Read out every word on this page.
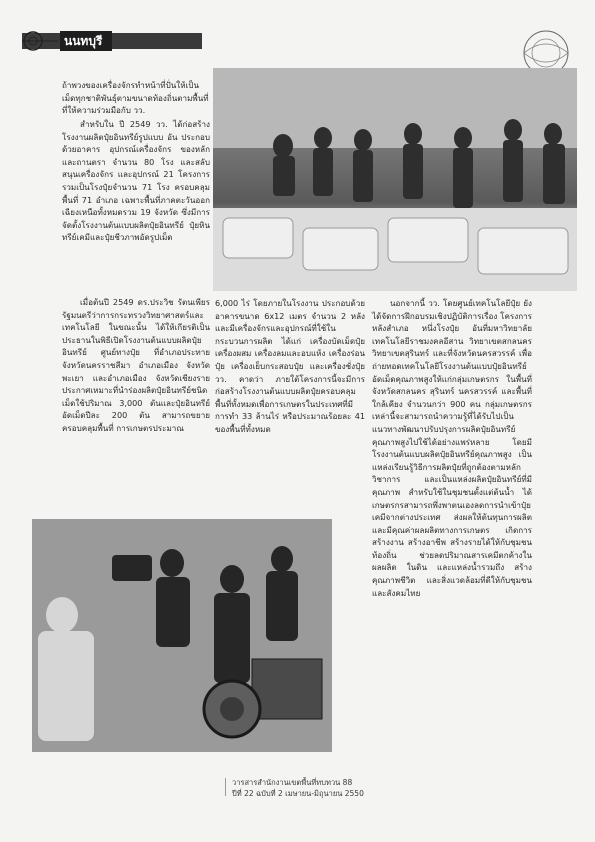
นนทบุรี
ถ้าพวงของเครื่องจักรทำหน้าที่ปั่นให้เป็นเม็ดทุกชาติพันธุ์ตามขนาดท้องถิ่นตามพื้นที่ที่ให้ความร่วมมือกับ วว.
สำหรับใน ปี 2549 วว. ได้ก่อสร้างโรงงานผลิตปุ๋ยอินทรีย์รูปแบบ อัน ประกอบด้วยอาคาร อุปกรณ์เครื่องจักร ของหลัก และถานตรา จำนวน 80 โรง และสลับ สนุนเครื่องจักร และอุปกรณ์ 21 โครงการ รวมเป็นโรงปุ๋ยจำนวน 71 โรง ครอบคลุมพื้นที่ 71 อำเภอ เฉพาะพื้นที่ภาคตะวันออกเฉียงเหนือทั้งหมดรวม 19 จังหวัด ซึ่งมีการจัดตั้งโรงงานต้นแบบผลิตปุ๋ยอินทรีย์ ปุ๋ยหินทรีย์เคมีและปุ๋ยชีวภาพอัดรูปเม็ด
เมื่อต้นปี 2549 ดร.ประวิช รัตนเพียร รัฐมนตรีว่าการกระทรวงวิทยาศาสตร์และเทคโนโลยี ในขณะนั้น ได้ให้เกียรติเป็นประธานในพิธีเปิดโรงงานต้นแบบผลิตปุ๋ยอินทรีย์ ศูนย์ทางปุ๋ย ที่อำเภอประทาย จังหวัดนครราชสีมา อำเภอเมือง จังหวัดพะเยา และอำเภอเมือง จังหวัดเชียงราย ประกาศเหมาะที่นำร่องผลิตปุ๋ยอินทรีย์ชนิดเม็ดใช้ปริมาณ 3,000 ตันและปุ๋ยอินทรีย์อัดเม็ดปีละ 200 ตัน สามารถขยายครอบคลุมพื้นที่ การเกษตรประมาณ
6,000 ไร่ โดยภายในโรงงาน ประกอบด้วยอาคารขนาด 6x12 เมตร จำนวน 2 หลัง และมีเครื่องจักรและอุปกรณ์ที่ใช้ในกระบวนการผลิต ได้แก่ เครื่องบัดเม็ดปุ๋ย เครื่องผสม เครื่องลมและอบแห้ง เครื่องร่อนปุ๋ย เครื่องเย็บกระสอบปุ๋ย และเครื่องชั่งปุ๋ย วว. คาดว่า ภายใต้โครงการนี้จะมีการก่อสร้างโรงงานต้นแบบผลิตปุ๋ยครอบคลุมพื้นที่ทั้งหมดเพื่อการเกษตรในประเทศที่มีการทำ 33 ล้านไร่ หรือประมาณร้อยละ 41 ของพื้นที่ทั้งหมด
นอกจากนี้ วว. โดยศูนย์เทคโนโลยีปุ๋ย ยังได้จัดการฝึกอบรมเชิงปฏิบัติการเรื่อง โครงการหลังสำเภอ หนึ่งโรงปุ๋ย อันที่มหาวิทยาลัยเทคโนโลยีราชมงคลอีสาน วิทยาเขตสกลนคร วิทยาเขตสุรินทร์ และที่จังหวัดนครสวรรค์ เพื่อถ่ายทอดเทคโนโลยีโรงงานต้นแบบปุ๋ยอินทรีย์อัดเม็ดคุณภาพสูงให้แก่กลุ่มเกษตรกร ในพื้นที่จังหวัดสกลนคร สุรินทร์ นครสวรรค์ และพื้นที่ใกล้เคียง จำนวนกว่า 900 คน กลุ่มเกษตรกรเหล่านี้จะสามารถนำความรู้ที่ได้รับไปเป็นแนวทางพัฒนาปรับปรุงการผลิตปุ๋ยอินทรีย์คุณภาพสูงไปใช้ได้อย่างแพร่หลาย โดยมีโรงงานต้นแบบผลิตปุ๋ยอินทรีย์คุณภาพสูง เป็นแหล่งเรียนรู้วิธีการผลิตปุ๋ยที่ถูกต้องตามหลักวิชาการ และเป็นแหล่งผลิตปุ๋ยอินทรีย์ที่มีคุณภาพ สำหรับใช้ในชุมชนตั้งแต่ต้นน้ำ ได้เกษตรกรสามารถพึ่งพาตนเองลดการนำเข้าปุ๋ยเคมีจากต่างประเทศ ส่งผลให้ต้นทุนการผลิตและมีคุณค่าผลผลิตทางการเกษตร เกิดการสร้างงาน สร้างอาชีพ สร้างรายได้ให้กับชุมชนท้องถิ่น ช่วยลดปริมาณสารเคมีตกค้างในผลผลิต ในดิน และแหล่งน้ำรวมถึง สร้างคุณภาพชีวิต และสิ่งแวดล้อมที่ดีให้กับชุมชน และสังคมไทย
วารสารสำนักงานเขตพื้นที่ทบทวน 88
ปีที่ 22 ฉบับที่ 2 เมษายน-มิถุนายน 2550
